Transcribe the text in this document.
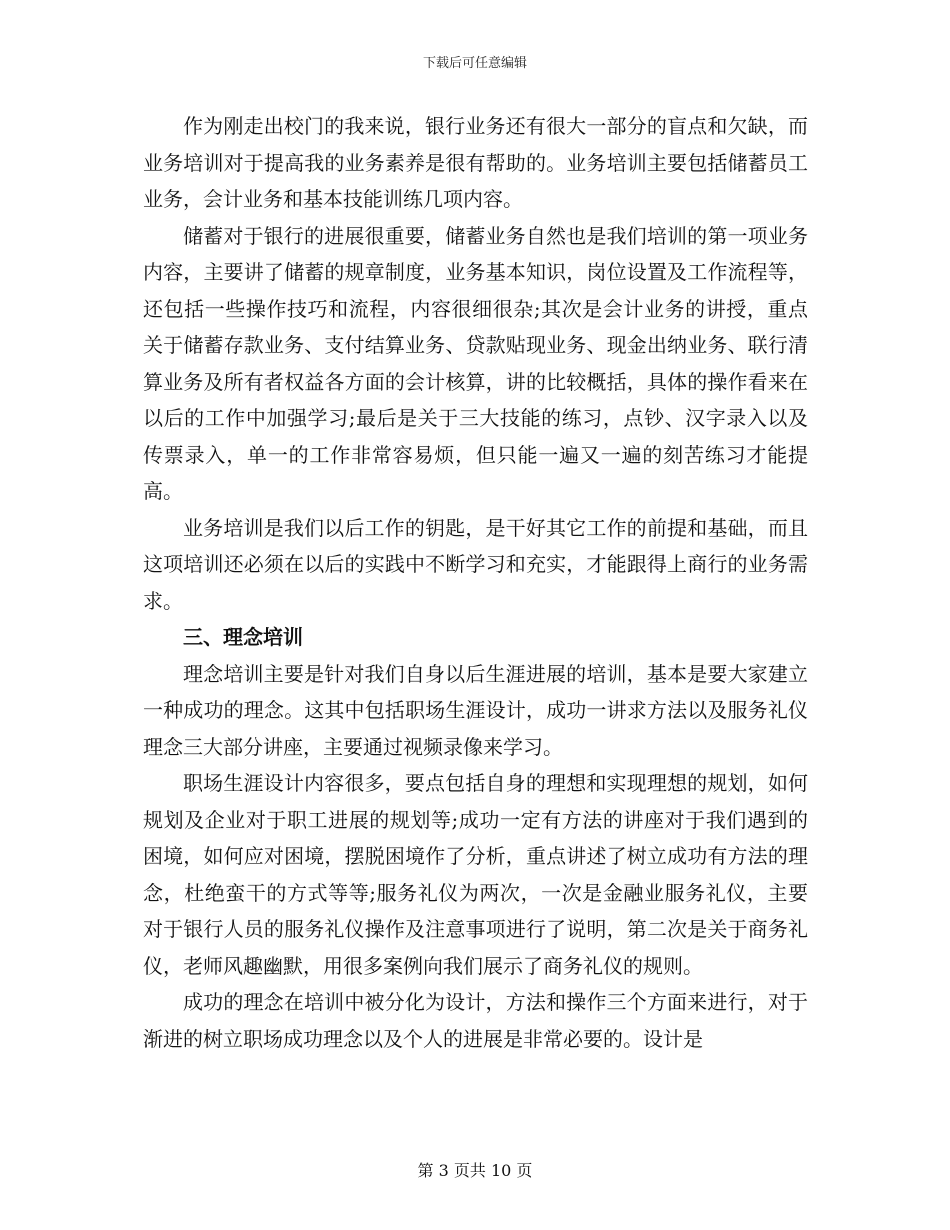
下载后可任意编辑

作为刚走出校门的我来说，银行业务还有很大一部分的盲点和欠缺，而业务培训对于提高我的业务素养是很有帮助的。业务培训主要包括储蓄员工业务，会计业务和基本技能训练几项内容。

储蓄对于银行的进展很重要，储蓄业务自然也是我们培训的第一项业务内容，主要讲了储蓄的规章制度，业务基本知识，岗位设置及工作流程等，还包括一些操作技巧和流程，内容很细很杂;其次是会计业务的讲授，重点关于储蓄存款业务、支付结算业务、贷款贴现业务、现金出纳业务、联行清算业务及所有者权益各方面的会计核算，讲的比较概括，具体的操作看来在以后的工作中加强学习;最后是关于三大技能的练习，点钞、汉字录入以及传票录入，单一的工作非常容易烦，但只能一遍又一遍的刻苦练习才能提高。

业务培训是我们以后工作的钥匙，是干好其它工作的前提和基础，而且这项培训还必须在以后的实践中不断学习和充实，才能跟得上商行的业务需求。

三、理念培训

理念培训主要是针对我们自身以后生涯进展的培训，基本是要大家建立一种成功的理念。这其中包括职场生涯设计，成功一讲求方法以及服务礼仪理念三大部分讲座，主要通过视频录像来学习。

职场生涯设计内容很多，要点包括自身的理想和实现理想的规划，如何规划及企业对于职工进展的规划等;成功一定有方法的讲座对于我们遇到的困境，如何应对困境，摆脱困境作了分析，重点讲述了树立成功有方法的理念，杜绝蛮干的方式等等;服务礼仪为两次，一次是金融业服务礼仪，主要对于银行人员的服务礼仪操作及注意事项进行了说明，第二次是关于商务礼仪，老师风趣幽默，用很多案例向我们展示了商务礼仪的规则。

成功的理念在培训中被分化为设计，方法和操作三个方面来进行，对于渐进的树立职场成功理念以及个人的进展是非常必要的。设计是

第 3 页共 10 页
